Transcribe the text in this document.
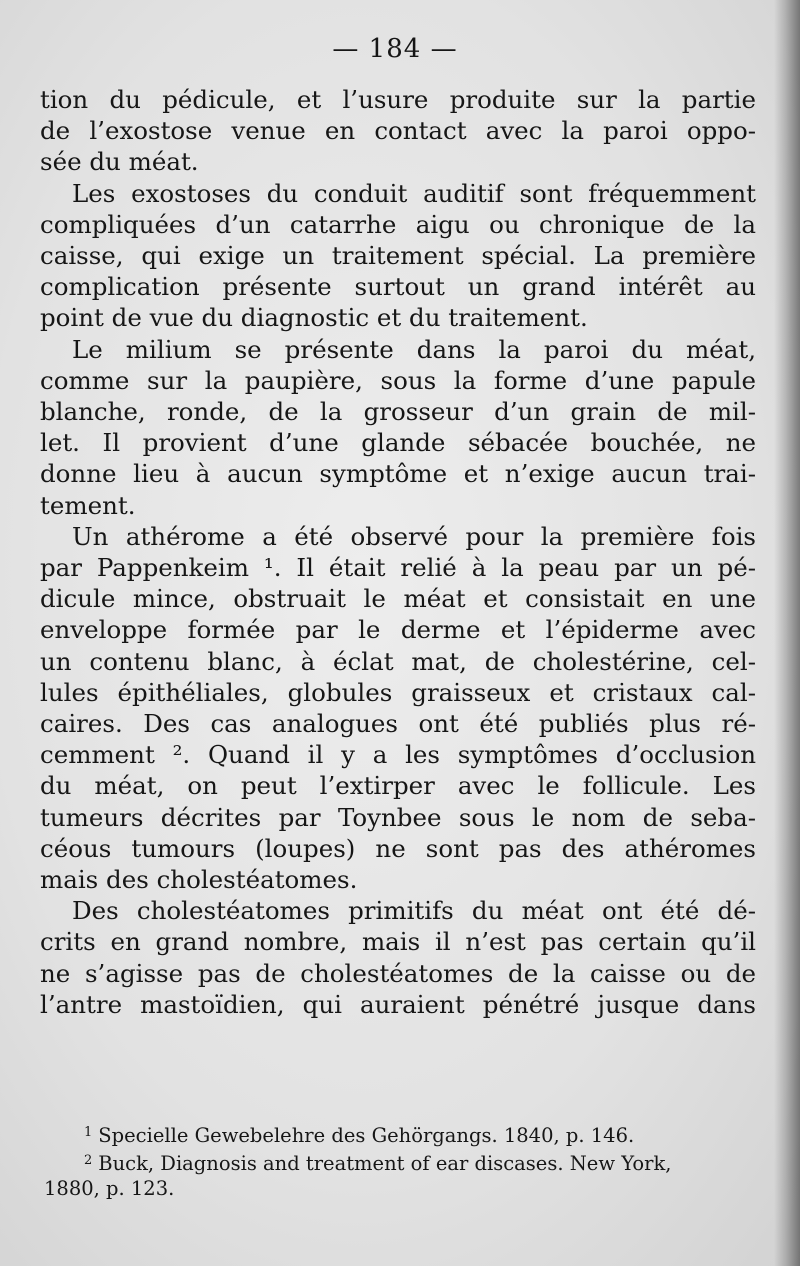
— 184 —
tion du pédicule, et l’usure produite sur la partie
de l’exostose venue en contact avec la paroi oppo-
sée du méat.
Les exostoses du conduit auditif sont fréquemment
compliquées d’un catarrhe aigu ou chronique de la
caisse, qui exige un traitement spécial. La première
complication présente surtout un grand intérêt au
point de vue du diagnostic et du traitement.
Le milium se présente dans la paroi du méat,
comme sur la paupière, sous la forme d’une papule
blanche, ronde, de la grosseur d’un grain de mil-
let. Il provient d’une glande sébacée bouchée, ne
donne lieu à aucun symptôme et n’exige aucun trai-
tement.
Un athérome a été observé pour la première fois
par Pappenkeim ¹. Il était relié à la peau par un pé-
dicule mince, obstruait le méat et consistait en une
enveloppe formée par le derme et l’épiderme avec
un contenu blanc, à éclat mat, de cholestérine, cel-
lules épithéliales, globules graisseux et cristaux cal-
caires. Des cas analogues ont été publiés plus ré-
cemment ². Quand il y a les symptômes d’occlusion
du méat, on peut l’extirper avec le follicule. Les
tumeurs décrites par Toynbee sous le nom de seba-
céous tumours (loupes) ne sont pas des athéromes
mais des cholestéatomes.
Des cholestéatomes primitifs du méat ont été dé-
crits en grand nombre, mais il n’est pas certain qu’il
ne s’agisse pas de cholestéatomes de la caisse ou de
l’antre mastoïdien, qui auraient pénétré jusque dans
$^1$ Specielle Gewebelehre des Gehörgangs. 1840, p. 146.
$^2$ Buck, Diagnosis and treatment of ear discases. New York,
1880, p. 123.
